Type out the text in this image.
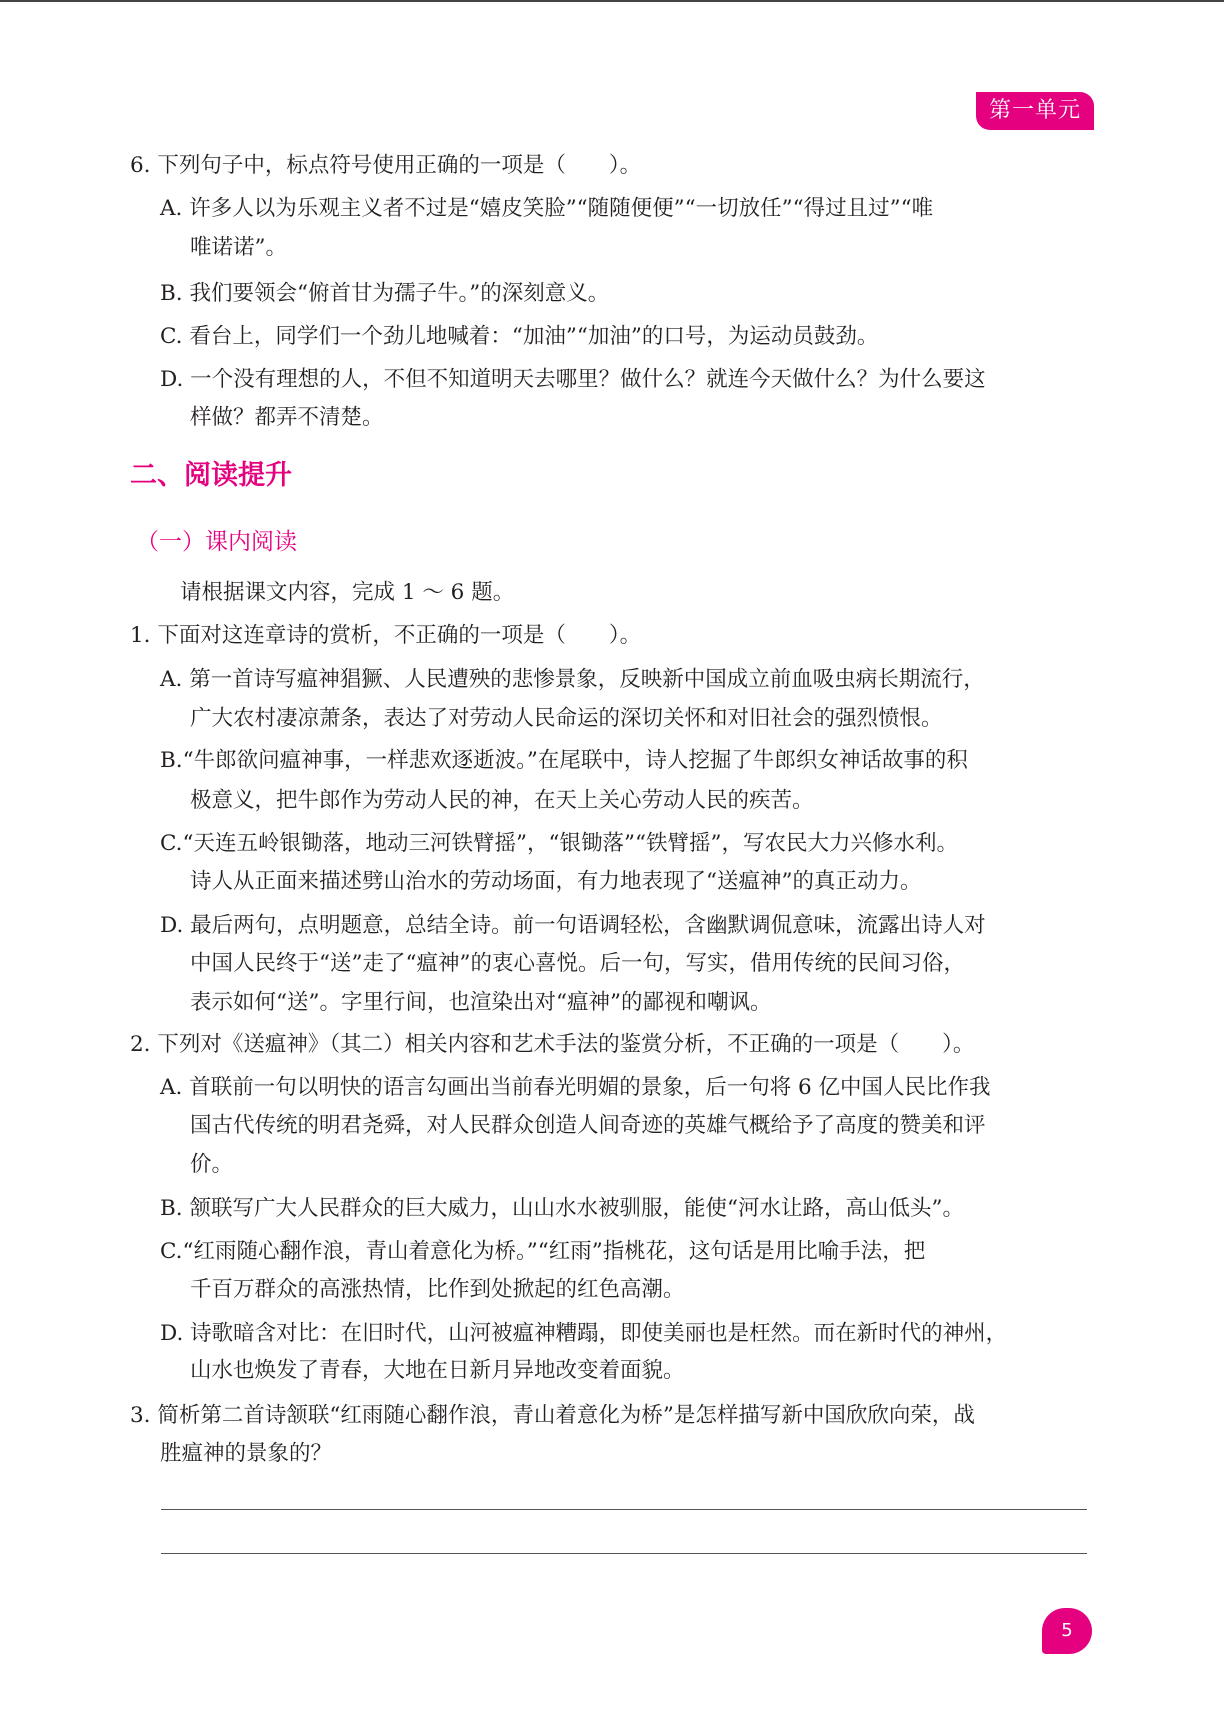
第一单元
6. 下列句子中，标点符号使用正确的一项是（　　）。
A. 许多人以为乐观主义者不过是“嬉皮笑脸”“随随便便”“一切放任”“得过且过”“唯
唯诺诺”。
B. 我们要领会“俯首甘为孺子牛。”的深刻意义。
C. 看台上，同学们一个劲儿地喊着：“加油”“加油”的口号，为运动员鼓劲。
D. 一个没有理想的人，不但不知道明天去哪里？做什么？就连今天做什么？为什么要这
样做？都弄不清楚。
二、阅读提升
（一）课内阅读
请根据课文内容，完成 1 ～ 6 题。
1. 下面对这连章诗的赏析，不正确的一项是（　　）。
A. 第一首诗写瘟神猖獗、人民遭殃的悲惨景象，反映新中国成立前血吸虫病长期流行，
广大农村凄凉萧条，表达了对劳动人民命运的深切关怀和对旧社会的强烈愤恨。
B.“牛郎欲问瘟神事，一样悲欢逐逝波。”在尾联中，诗人挖掘了牛郎织女神话故事的积
极意义，把牛郎作为劳动人民的神，在天上关心劳动人民的疾苦。
C.“天连五岭银锄落，地动三河铁臂摇”，“银锄落”“铁臂摇”，写农民大力兴修水利。
诗人从正面来描述劈山治水的劳动场面，有力地表现了“送瘟神”的真正动力。
D. 最后两句，点明题意，总结全诗。前一句语调轻松，含幽默调侃意味，流露出诗人对
中国人民终于“送”走了“瘟神”的衷心喜悦。后一句，写实，借用传统的民间习俗，
表示如何“送”。字里行间，也渲染出对“瘟神”的鄙视和嘲讽。
2. 下列对《送瘟神》（其二）相关内容和艺术手法的鉴赏分析，不正确的一项是（　　）。
A. 首联前一句以明快的语言勾画出当前春光明媚的景象，后一句将 6 亿中国人民比作我
国古代传统的明君尧舜，对人民群众创造人间奇迹的英雄气概给予了高度的赞美和评
价。
B. 颔联写广大人民群众的巨大威力，山山水水被驯服，能使“河水让路，高山低头”。
C.“红雨随心翻作浪，青山着意化为桥。”“红雨”指桃花，这句话是用比喻手法，把
千百万群众的高涨热情，比作到处掀起的红色高潮。
D. 诗歌暗含对比：在旧时代，山河被瘟神糟蹋，即使美丽也是枉然。而在新时代的神州，
山水也焕发了青春，大地在日新月异地改变着面貌。
3. 简析第二首诗颔联“红雨随心翻作浪，青山着意化为桥”是怎样描写新中国欣欣向荣，战
胜瘟神的景象的？
5
